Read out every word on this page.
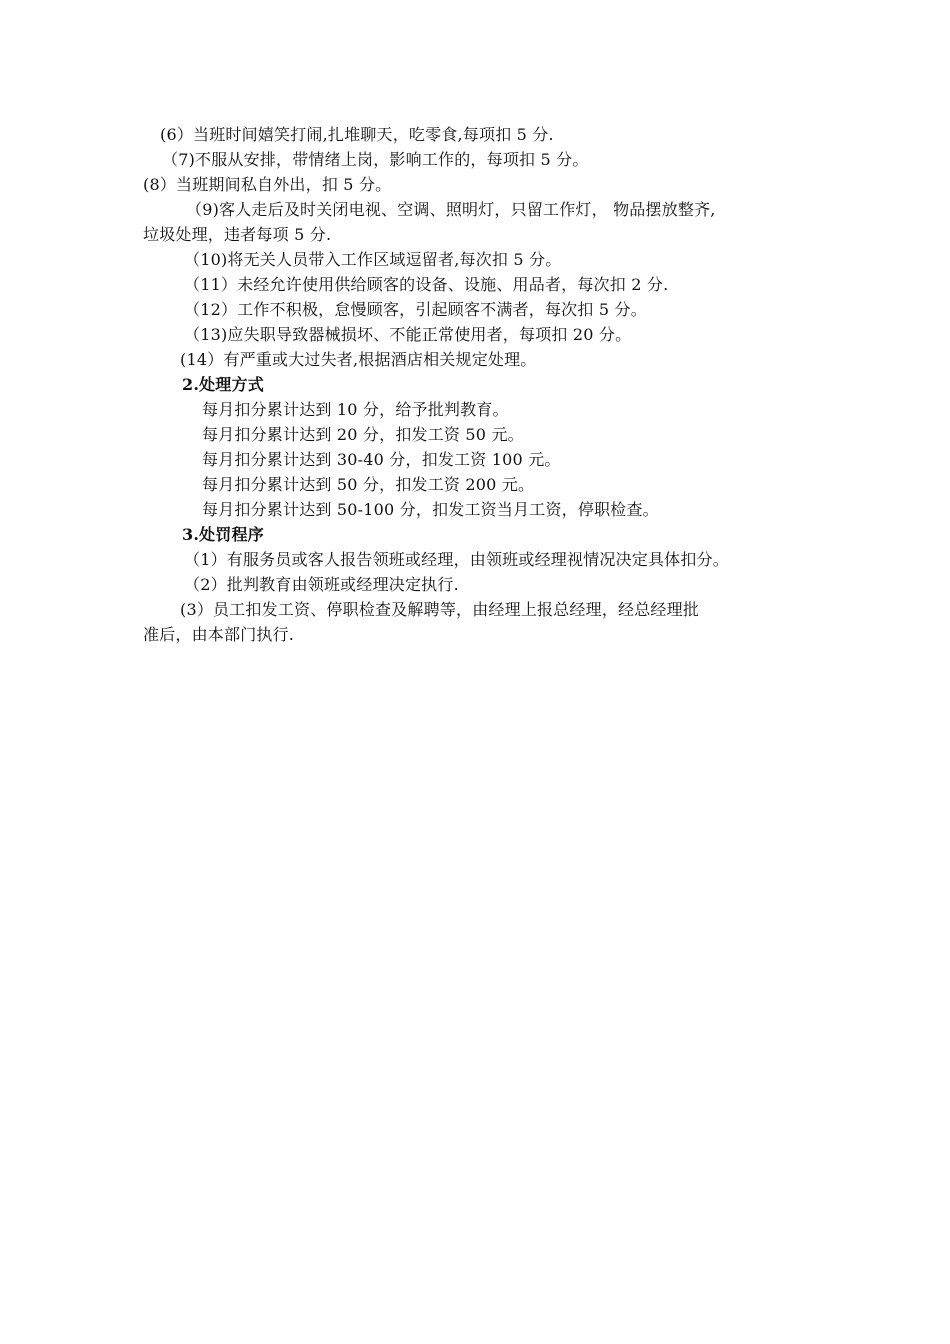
(6）当班时间嬉笑打闹,扎堆聊天，吃零食,每项扣 5 分.
（7)不服从安排，带情绪上岗，影响工作的，每项扣 5 分。
(8）当班期间私自外出，扣 5 分。
（9)客人走后及时关闭电视、空调、照明灯，只留工作灯， 物品摆放整齐,
垃圾处理，违者每项 5 分.
（10)将无关人员带入工作区域逗留者,每次扣 5 分。
（11）未经允许使用供给顾客的设备、设施、用品者，每次扣 2 分.
（12）工作不积极，怠慢顾客，引起顾客不满者，每次扣 5 分。
（13)应失职导致器械损坏、不能正常使用者，每项扣 20 分。
(14）有严重或大过失者,根据酒店相关规定处理。
2.处理方式
每月扣分累计达到 10 分，给予批判教育。
每月扣分累计达到 20 分，扣发工资 50 元。
每月扣分累计达到 30-40 分，扣发工资 100 元。
每月扣分累计达到 50 分，扣发工资 200 元。
每月扣分累计达到 50-100 分，扣发工资当月工资，停职检查。
3.处罚程序
（1）有服务员或客人报告领班或经理，由领班或经理视情况决定具体扣分。
（2）批判教育由领班或经理决定执行.
(3）员工扣发工资、停职检查及解聘等，由经理上报总经理，经总经理批
准后，由本部门执行.
